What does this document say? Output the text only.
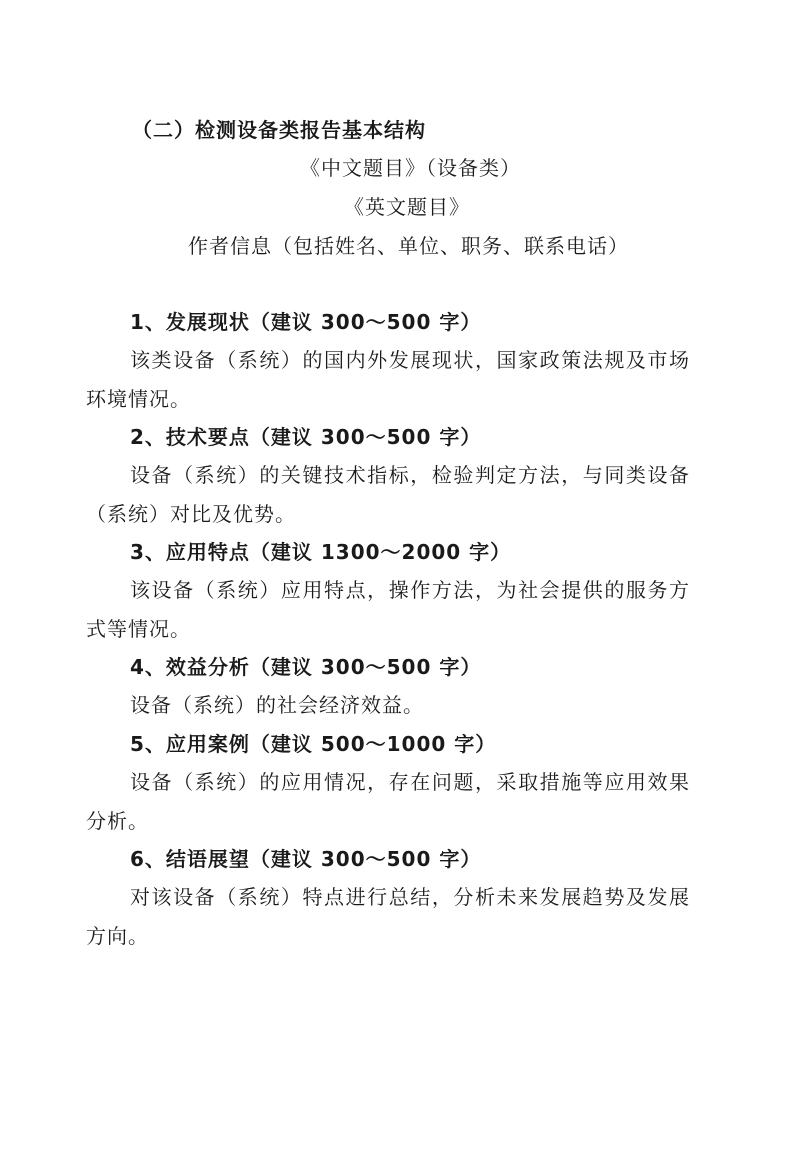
（二）检测设备类报告基本结构
《中文题目》（设备类）
《英文题目》
作者信息（包括姓名、单位、职务、联系电话）
1、发展现状（建议 300～500 字）
该类设备（系统）的国内外发展现状，国家政策法规及市场
环境情况。
2、技术要点（建议 300～500 字）
设备（系统）的关键技术指标，检验判定方法，与同类设备
（系统）对比及优势。
3、应用特点（建议 1300～2000 字）
该设备（系统）应用特点，操作方法，为社会提供的服务方
式等情况。
4、效益分析（建议 300～500 字）
设备（系统）的社会经济效益。
5、应用案例（建议 500～1000 字）
设备（系统）的应用情况，存在问题，采取措施等应用效果
分析。
6、结语展望（建议 300～500 字）
对该设备（系统）特点进行总结，分析未来发展趋势及发展
方向。
